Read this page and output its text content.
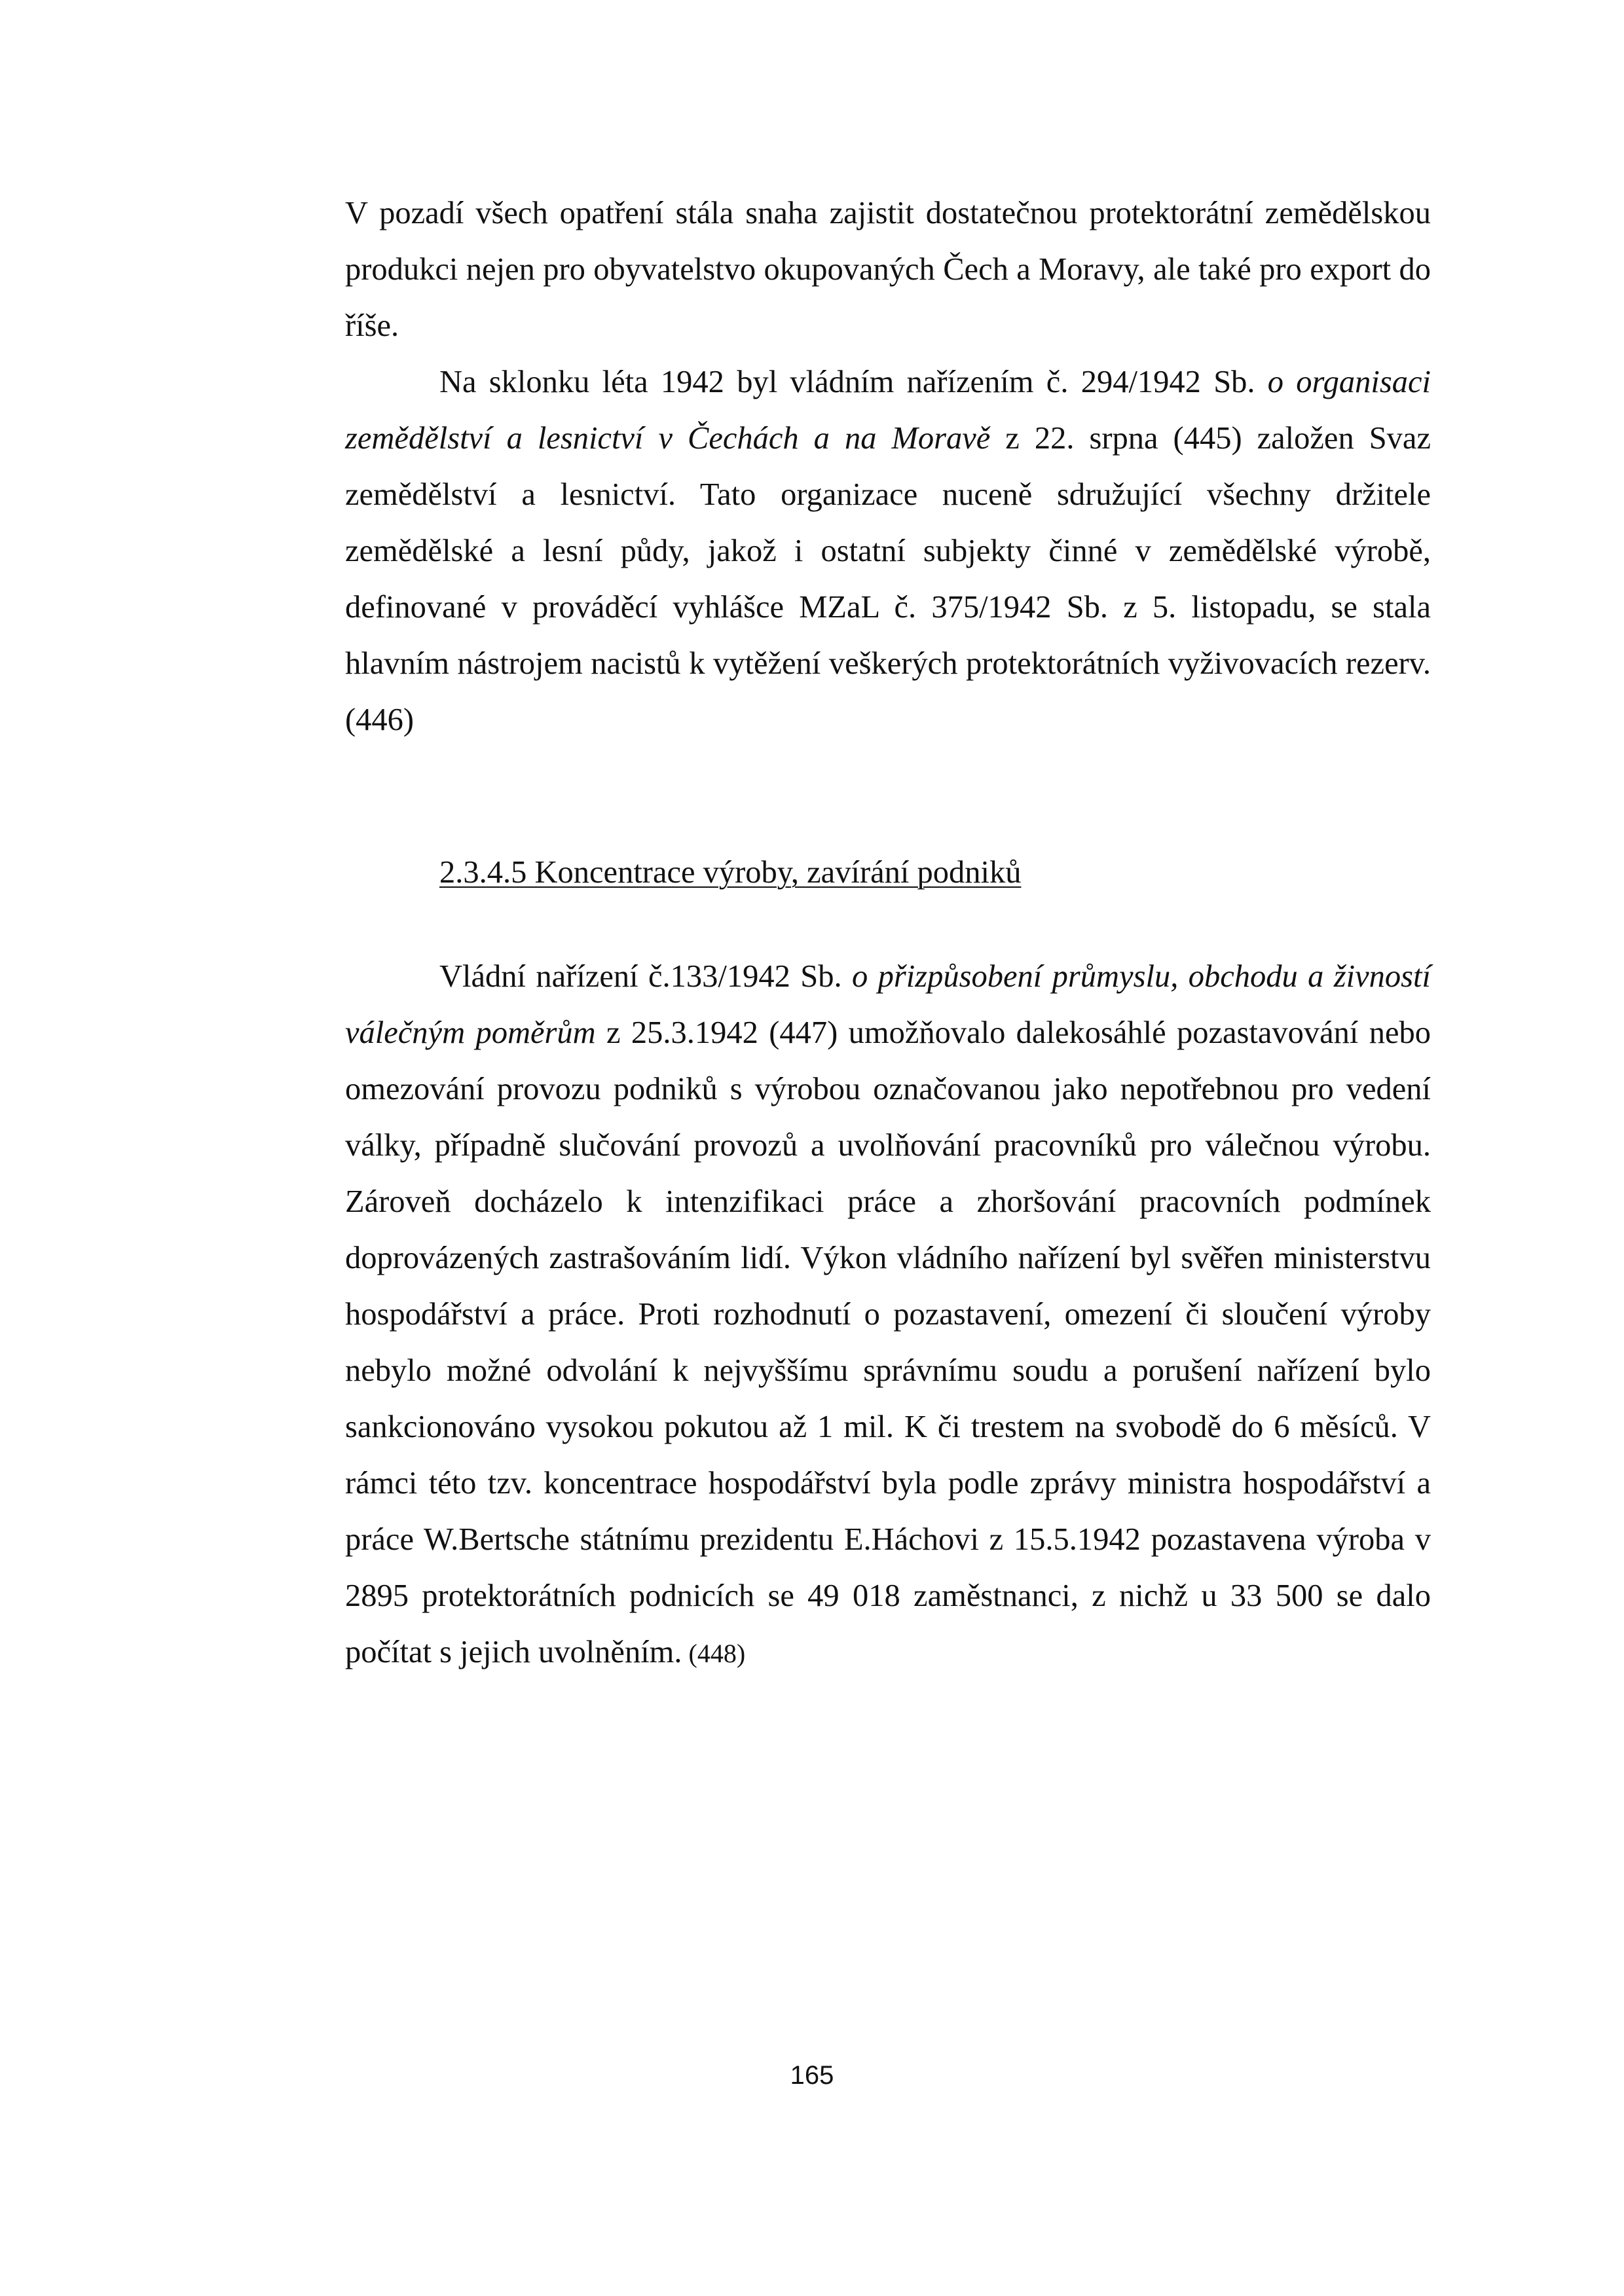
V pozadí všech opatření stála snaha zajistit dostatečnou protektorátní zemědělskou produkci nejen pro obyvatelstvo okupovaných Čech a Moravy, ale také pro export do říše.

Na sklonku léta 1942 byl vládním nařízením č. 294/1942 Sb. o organisaci zemědělství a lesnictví v Čechách a na Moravě z 22. srpna (445) založen Svaz zemědělství a lesnictví. Tato organizace nuceně sdružující všechny držitele zemědělské a lesní půdy, jakož i ostatní subjekty činné v zemědělské výrobě, definované v prováděcí vyhlášce MZaL č. 375/1942 Sb. z 5. listopadu, se stala hlavním nástrojem nacistů k vytěžení veškerých protektorátních vyživovacích rezerv. (446)

2.3.4.5 Koncentrace výroby, zavírání podniků

Vládní nařízení č.133/1942 Sb. o přizpůsobení průmyslu, obchodu a živností válečným poměrům z 25.3.1942 (447) umožňovalo dalekosáhlé pozastavování nebo omezování provozu podniků s výrobou označovanou jako nepotřebnou pro vedení války, případně slučování provozů a uvolňování pracovníků pro válečnou výrobu. Zároveň docházelo k intenzifikaci práce a zhoršování pracovních podmínek doprovázených zastrašováním lidí. Výkon vládního nařízení byl svěřen ministerstvu hospodářství a práce. Proti rozhodnutí o pozastavení, omezení či sloučení výroby nebylo možné odvolání k nejvyššímu správnímu soudu a porušení nařízení bylo sankcionováno vysokou pokutou až 1 mil. K či trestem na svobodě do 6 měsíců. V rámci této tzv. koncentrace hospodářství byla podle zprávy ministra hospodářství a práce W.Bertsche státnímu prezidentu E.Háchovi z 15.5.1942 pozastavena výroba v 2895 protektorátních podnicích se 49 018 zaměstnanci, z nichž u 33 500 se dalo počítat s jejich uvolněním. (448)

165
